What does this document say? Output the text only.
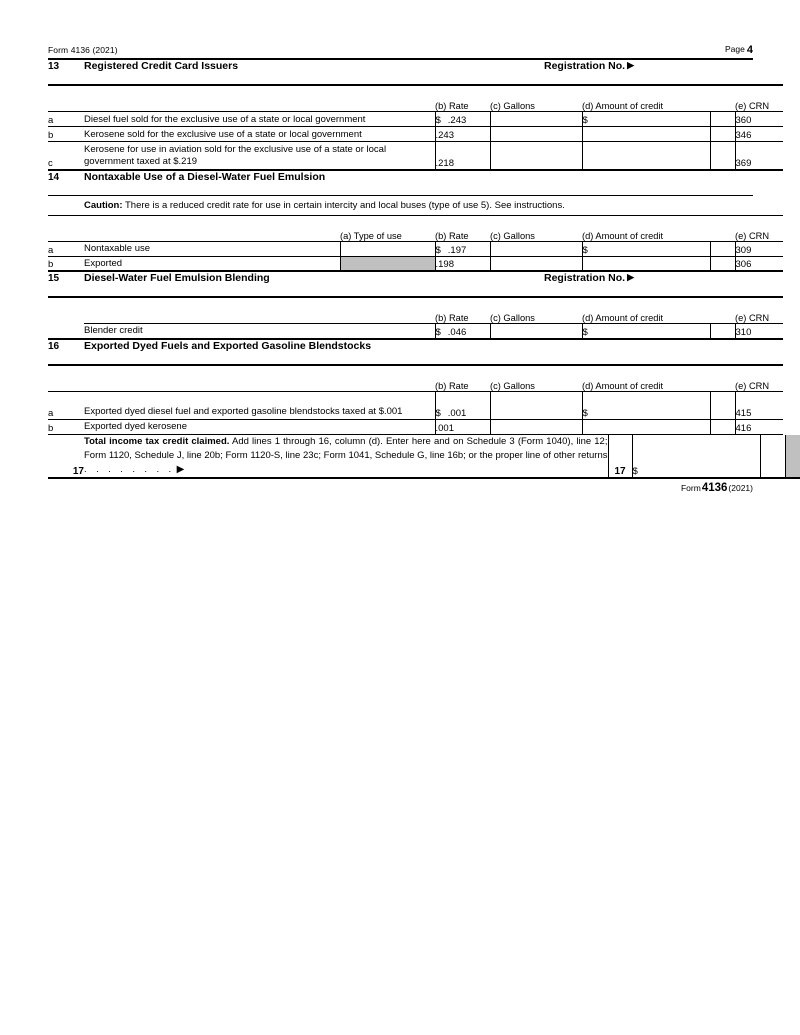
Form 4136 (2021)	Page 4
13	Registered Credit Card Issuers	Registration No. ▶
		(b) Rate	(c) Gallons	(d) Amount of credit		(e) CRN
a	Diesel fuel sold for the exclusive use of a state or local government	$ .243		$		360
b	Kerosene sold for the exclusive use of a state or local government	.243				346
c	Kerosene for use in aviation sold for the exclusive use of a state or local government taxed at $.219	.218				369

14	Nontaxable Use of a Diesel-Water Fuel Emulsion
Caution: There is a reduced credit rate for use in certain intercity and local buses (type of use 5). See instructions.
		(a) Type of use	(b) Rate	(c) Gallons	(d) Amount of credit		(e) CRN
a	Nontaxable use		$ .197		$		309
b	Exported		.198				306

15	Diesel-Water Fuel Emulsion Blending	Registration No. ▶
		(b) Rate	(c) Gallons	(d) Amount of credit		(e) CRN
	Blender credit	$ .046		$		310

16	Exported Dyed Fuels and Exported Gasoline Blendstocks
		(b) Rate	(c) Gallons	(d) Amount of credit		(e) CRN
a	Exported dyed diesel fuel and exported gasoline blendstocks taxed at $.001	$ .001		$		415
b	Exported dyed kerosene	.001				416

17	Total income tax credit claimed. Add lines 1 through 16, column (d). Enter here and on Schedule 3 (Form 1040), line 12; Form 1120, Schedule J, line 20b; Form 1120-S, line 23c; Form 1041, Schedule G, line 16b; or the proper line of other returns . . . . . . . . ▶	17	$		

Form4136(2021)
